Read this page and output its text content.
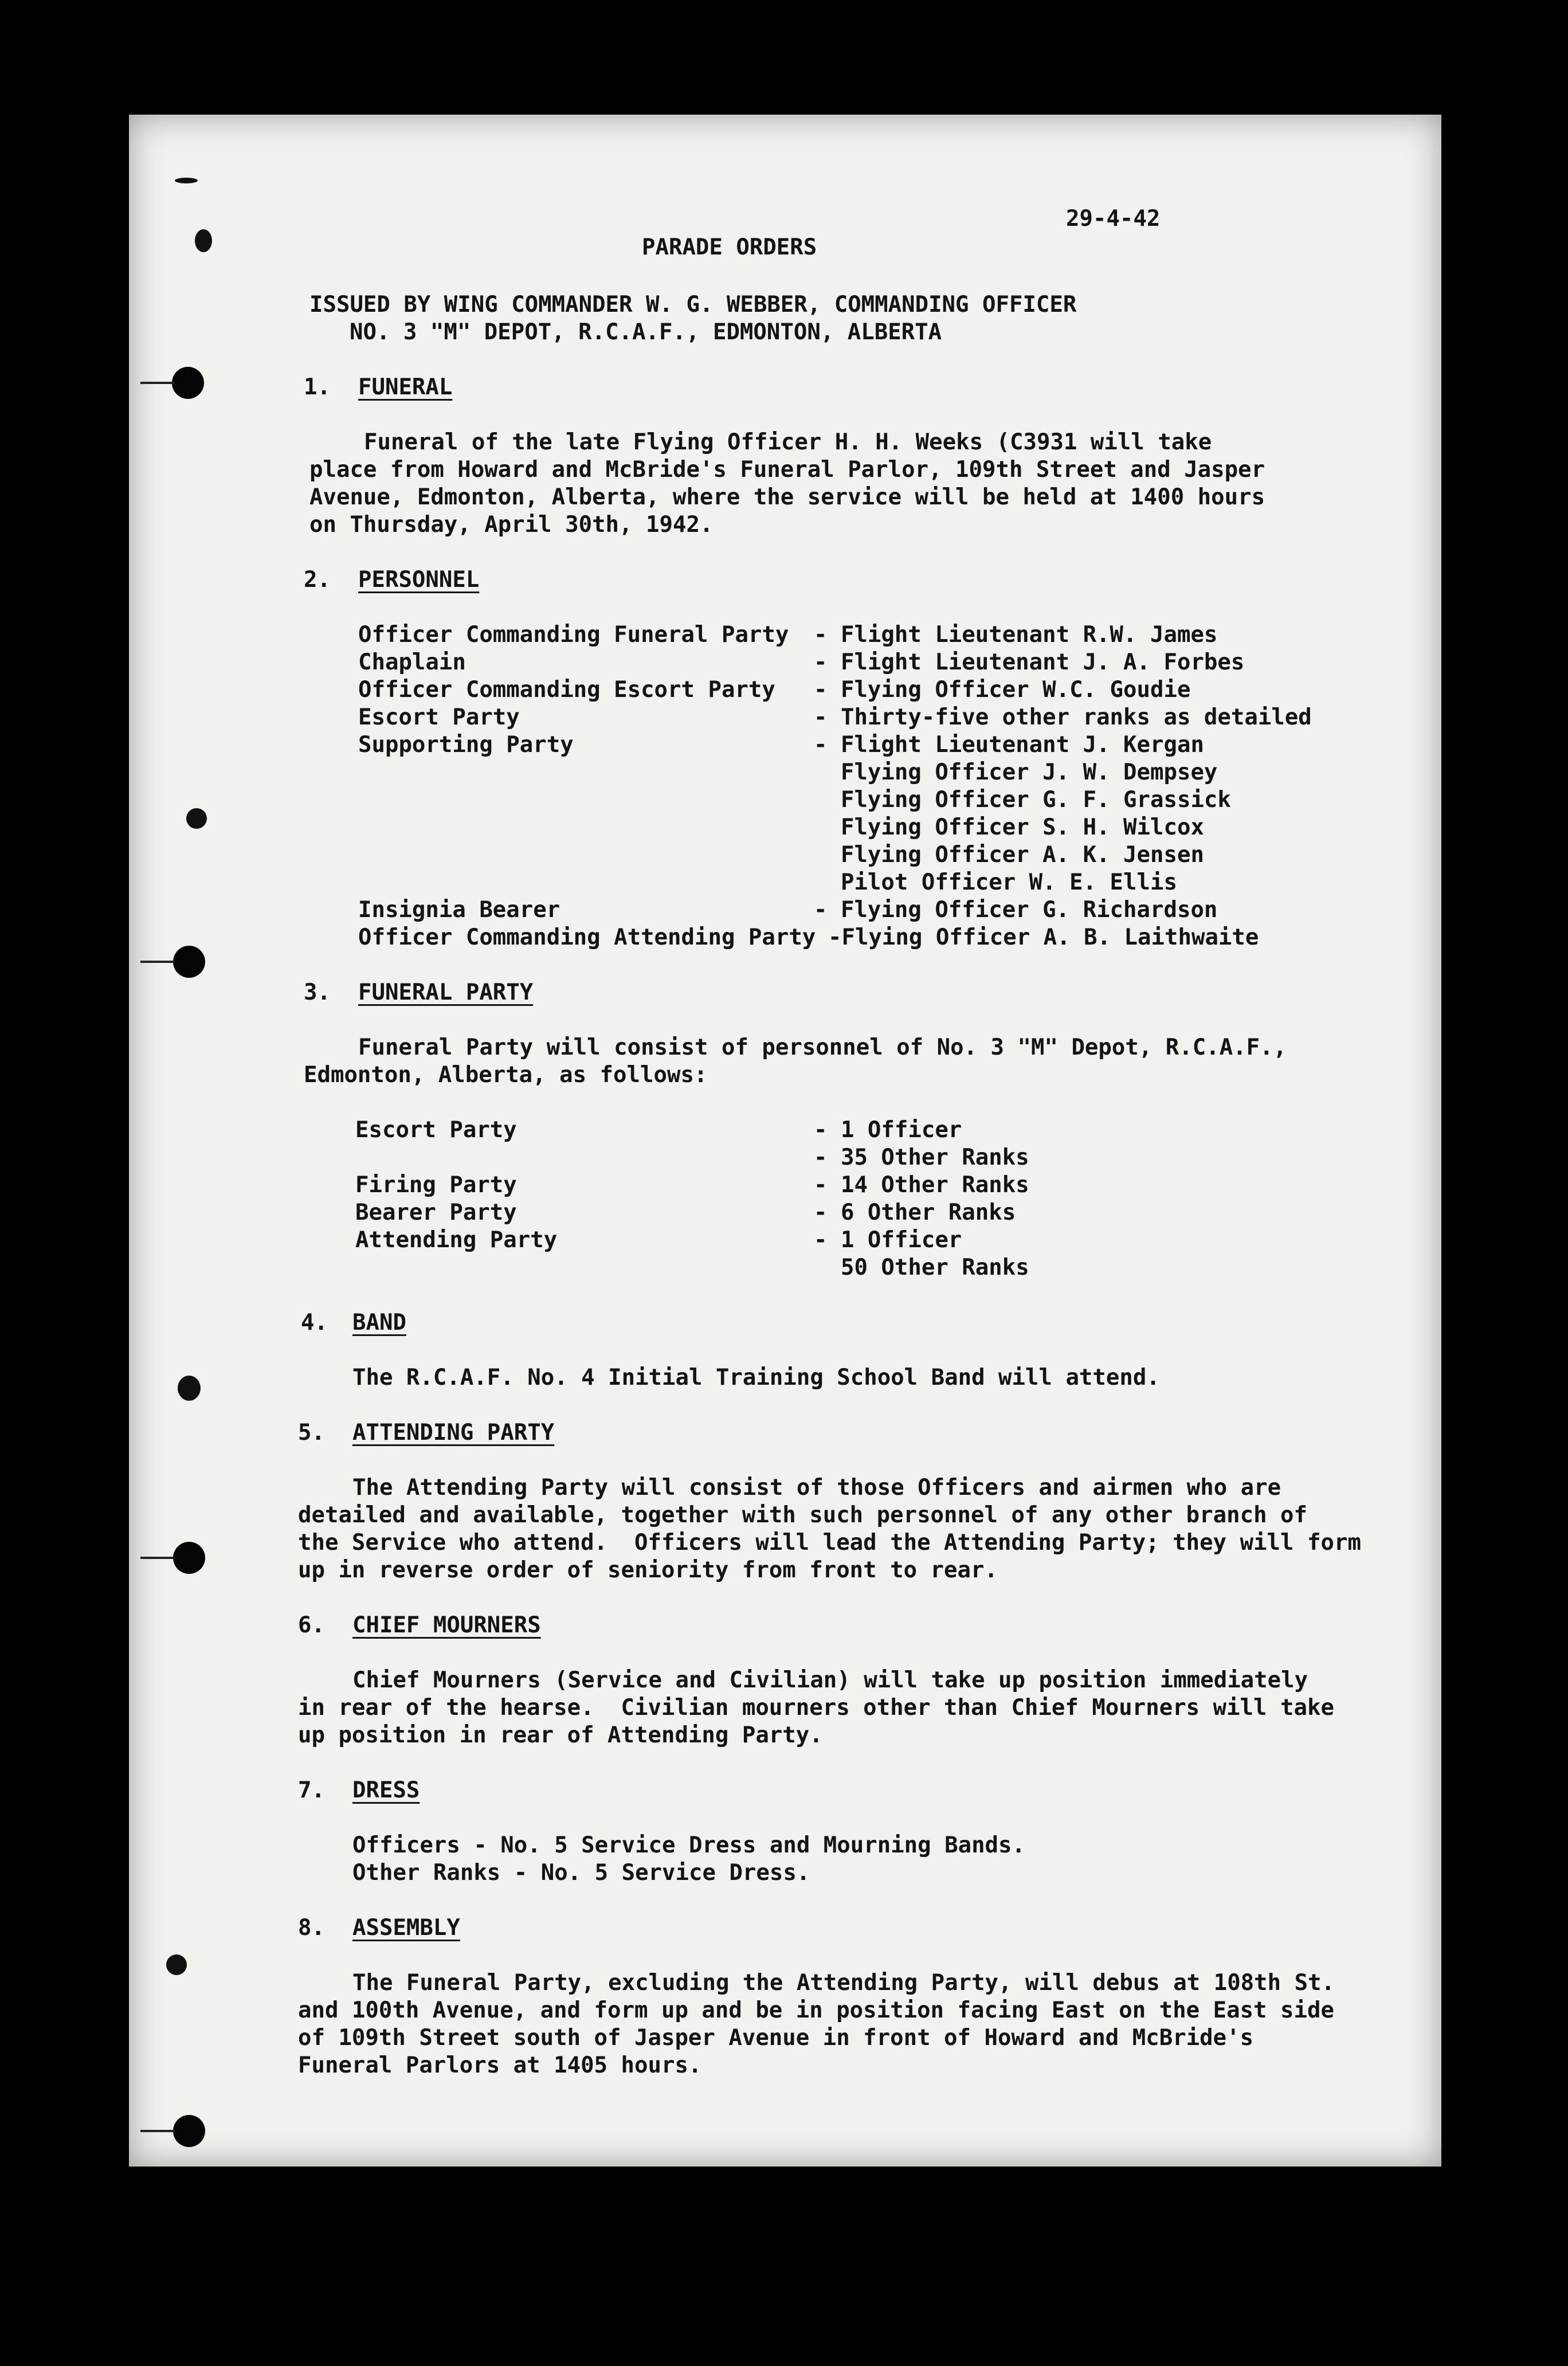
29-4-42
PARADE ORDERS
ISSUED BY WING COMMANDER W. G. WEBBER, COMMANDING OFFICER
NO. 3 "M" DEPOT, R.C.A.F., EDMONTON, ALBERTA
1. FUNERAL
Funeral of the late Flying Officer H. H. Weeks (C3931 will take
place from Howard and McBride's Funeral Parlor, 109th Street and Jasper
Avenue, Edmonton, Alberta, where the service will be held at 1400 hours
on Thursday, April 30th, 1942.
2. PERSONNEL
Officer Commanding Funeral Party
Chaplain
Officer Commanding Escort Party
Escort Party
Supporting Party
Insignia Bearer
Officer Commanding Attending Party
- Flight Lieutenant R.W. James
- Flight Lieutenant J. A. Forbes
- Flying Officer W.C. Goudie
- Thirty-five other ranks as detailed
- Flight Lieutenant J. Kergan
Flying Officer J. W. Dempsey
Flying Officer G. F. Grassick
Flying Officer S. H. Wilcox
Flying Officer A. K. Jensen
Pilot Officer W. E. Ellis
- Flying Officer G. Richardson
-Flying Officer A. B. Laithwaite
3. FUNERAL PARTY
Funeral Party will consist of personnel of No. 3 "M" Depot, R.C.A.F.,
Edmonton, Alberta, as follows:
Escort Party
Firing Party
Bearer Party
Attending Party
- 1 Officer
- 35 Other Ranks
- 14 Other Ranks
- 6 Other Ranks
- 1 Officer
50 Other Ranks
4. BAND
The R.C.A.F. No. 4 Initial Training School Band will attend.
5. ATTENDING PARTY
The Attending Party will consist of those Officers and airmen who are
detailed and available, together with such personnel of any other branch of
the Service who attend.  Officers will lead the Attending Party; they will form
up in reverse order of seniority from front to rear.
6. CHIEF MOURNERS
Chief Mourners (Service and Civilian) will take up position immediately
in rear of the hearse.  Civilian mourners other than Chief Mourners will take
up position in rear of Attending Party.
7. DRESS
Officers - No. 5 Service Dress and Mourning Bands.
Other Ranks - No. 5 Service Dress.
8. ASSEMBLY
The Funeral Party, excluding the Attending Party, will debus at 108th St.
and 100th Avenue, and form up and be in position facing East on the East side
of 109th Street south of Jasper Avenue in front of Howard and McBride's
Funeral Parlors at 1405 hours.
